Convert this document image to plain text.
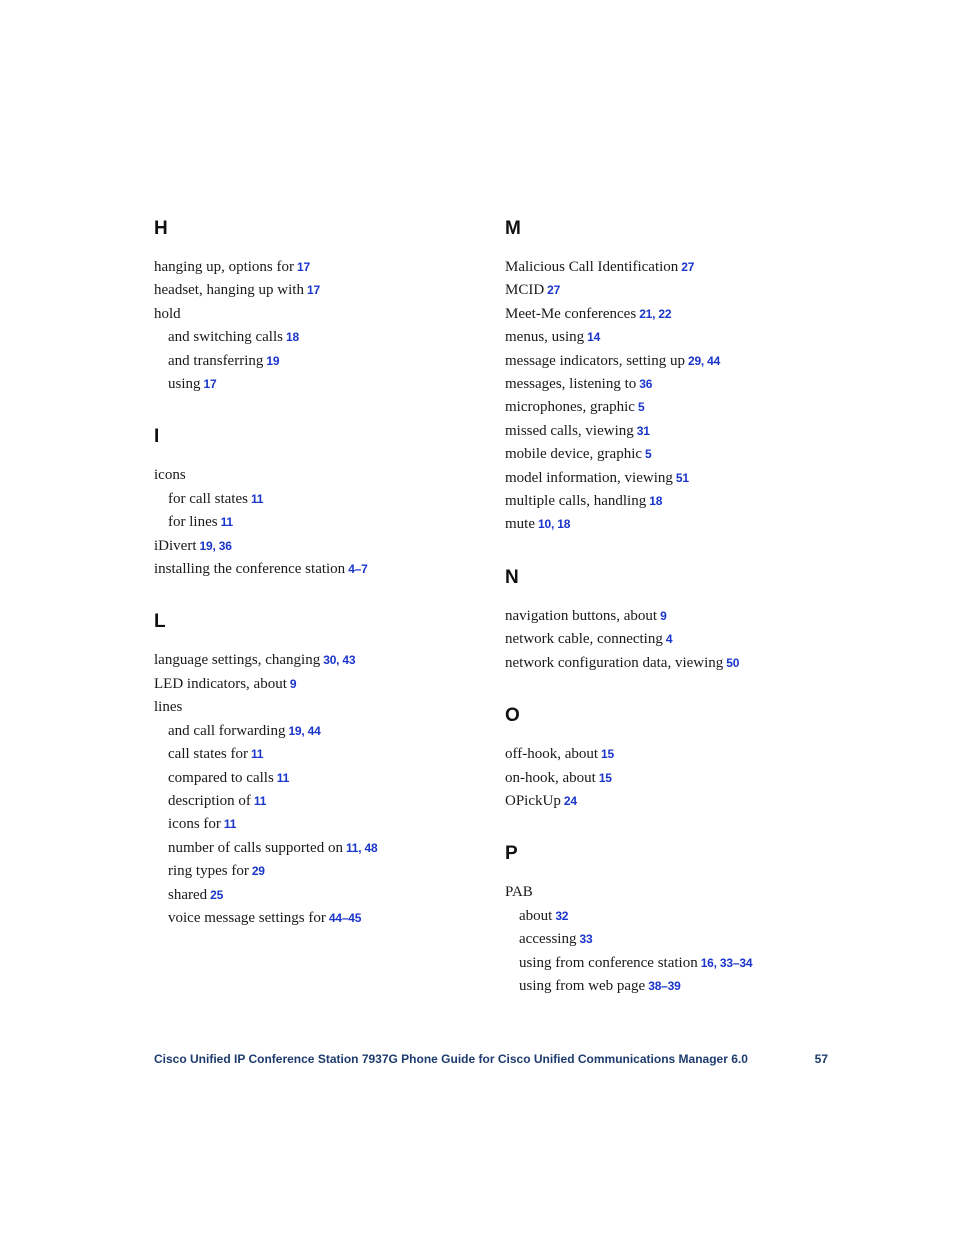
H
hanging up, options for 17
headset, hanging up with 17
hold
and switching calls 18
and transferring 19
using 17
I
icons
for call states 11
for lines 11
iDivert 19, 36
installing the conference station 4–7
L
language settings, changing 30, 43
LED indicators, about 9
lines
and call forwarding 19, 44
call states for 11
compared to calls 11
description of 11
icons for 11
number of calls supported on 11, 48
ring types for 29
shared 25
voice message settings for 44–45
M
Malicious Call Identification 27
MCID 27
Meet-Me conferences 21, 22
menus, using 14
message indicators, setting up 29, 44
messages, listening to 36
microphones, graphic 5
missed calls, viewing 31
mobile device, graphic 5
model information, viewing 51
multiple calls, handling 18
mute 10, 18
N
navigation buttons, about 9
network cable, connecting 4
network configuration data, viewing 50
O
off-hook, about 15
on-hook, about 15
OPickUp 24
P
PAB
about 32
accessing 33
using from conference station 16, 33–34
using from web page 38–39
Cisco Unified IP Conference Station 7937G Phone Guide for Cisco Unified Communications Manager 6.0	57
